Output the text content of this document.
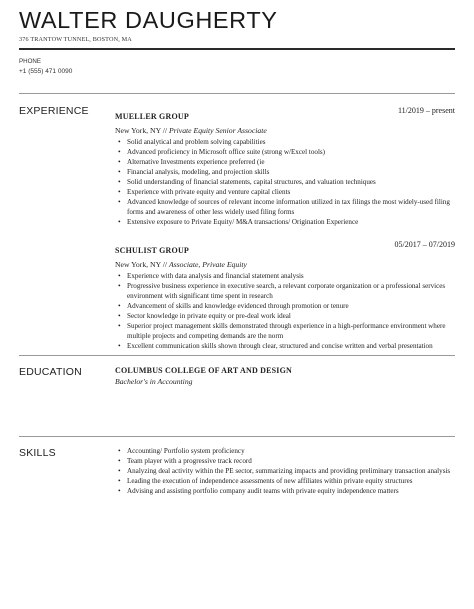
WALTER DAUGHERTY
376 TRANTOW TUNNEL, BOSTON, MA
PHONE
+1 (555) 471 0090
EXPERIENCE	MUELLER GROUP
11/2019 – present
New York, NY // Private Equity Senior Associate
• Solid analytical and problem solving capabilities
• Advanced proficiency in Microsoft office suite (strong w/Excel tools)
• Alternative Investments experience preferred (ie
• Financial analysis, modeling, and projection skills
• Solid understanding of financial statements, capital structures, and valuation techniques
• Experience with private equity and venture capital clients
• Advanced knowledge of sources of relevant income information utilized in tax filings the most widely-used filing forms and awareness of other less widely used filing forms
• Extensive exposure to Private Equity/ M&A transactions/ Origination Experience
SCHULIST GROUP
05/2017 – 07/2019
New York, NY // Associate, Private Equity
• Experience with data analysis and financial statement analysis
• Progressive business experience in executive search, a relevant corporate organization or a professional services environment with significant time spent in research
• Advancement of skills and knowledge evidenced through promotion or tenure
• Sector knowledge in private equity or pre-deal work ideal
• Superior project management skills demonstrated through experience in a high-performance environment where multiple projects and competing demands are the norm
• Excellent communication skills shown through clear, structured and concise written and verbal presentation
EDUCATION	COLUMBUS COLLEGE OF ART AND DESIGN
Bachelor's in Accounting
SKILLS
•	Accounting/ Portfolio system proficiency
• Team player with a progressive track record
• Analyzing deal activity within the PE sector, summarizing impacts and providing preliminary transaction analysis
• Leading the execution of independence assessments of new affiliates within private equity structures
• Advising and assisting portfolio company audit teams with private equity independence matters
